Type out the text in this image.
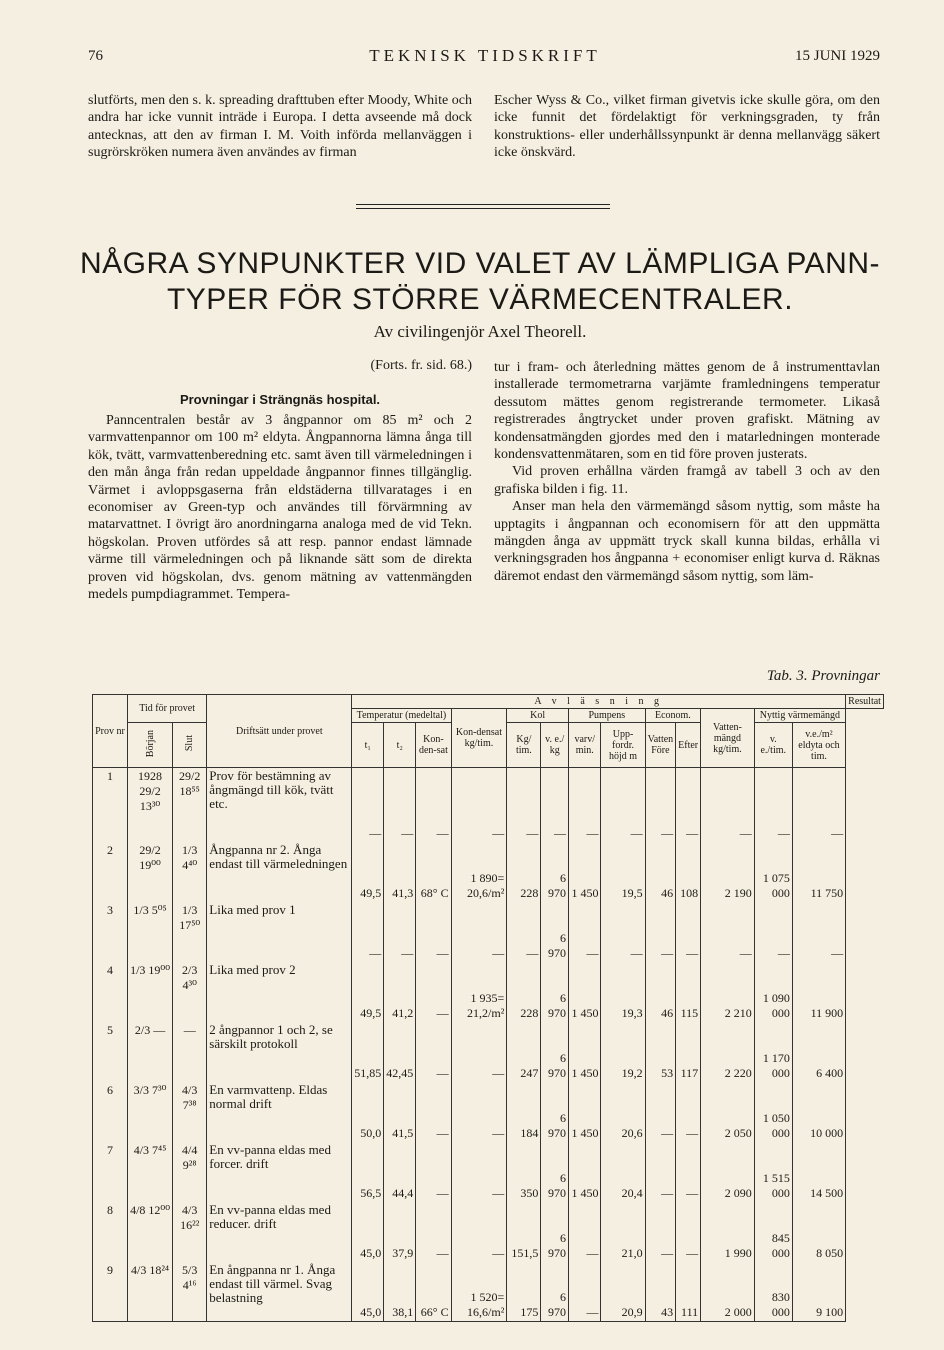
76	TEKNISK TIDSKRIFT	15 JUNI 1929
slutförts, men den s. k. spreading drafttuben efter Moody, White och andra har icke vunnit inträde i Europa. I detta avseende må dock antecknas, att den av firman I. M. Voith införda mellanväggen i sugrörskröken numera även användes av firman
Escher Wyss & Co., vilket firman givetvis icke skulle göra, om den icke funnit det fördelaktigt för verkningsgraden, ty från konstruktions- eller underhållssynpunkt är denna mellanvägg säkert icke önskvärd.
NÅGRA SYNPUNKTER VID VALET AV LÄMPLIGA PANN-
TYPER FÖR STÖRRE VÄRMECENTRALER.
Av civilingenjör Axel Theorell.
(Forts. fr. sid. 68.)
Provningar i Strängnäs hospital.

Panncentralen består av 3 ångpannor om 85 m² och 2 varmvattenpannor om 100 m² eldyta. Ångpannorna lämna ånga till kök, tvätt, varmvattenberedning etc. samt även till värmeledningen i den mån ånga från redan uppeldade ångpannor finnes tillgänglig. Värmet i avloppsgaserna från eldstäderna tillvaratages i en economiser av Green-typ och användes till förvärmning av matarvattnet. I övrigt äro anordningarna analoga med de vid Tekn. högskolan. Proven utfördes så att resp. pannor endast lämnade värme till värmeledningen och på liknande sätt som de direkta proven vid högskolan, dvs. genom mätning av vattenmängden medels pumpdiagrammet. Tempera-

tur i fram- och återledning mättes genom de å instrumenttavlan installerade termometrarna varjämte framledningens temperatur dessutom mättes genom registrerande termometer. Likaså registrerades ångtrycket under proven grafiskt. Mätning av kondensatmängden gjordes med den i matarledningen monterade kondensvattenmätaren, som en tid före proven justerats.

Vid proven erhållna värden framgå av tabell 3 och av den grafiska bilden i fig. 11.

Anser man hela den värmemängd såsom nyttig, som måste ha upptagits i ångpannan och economisern för att den uppmätta mängden ånga av uppmätt tryck skall kunna bildas, erhålla vi verkningsgraden hos ångpanna + economiser enligt kurva d. Räknas däremot endast den värmemängd såsom nyttig, som läm-

Tab. 3. Provningar
Prov nr	Tid för provet		Driftsätt under provet	A v l ä s n i n g													Resultat
				Temperatur (medeltal)			Kon-densat kg/tim.	Kol		Pumpens		Econom.		Vatten-mängd kg/tim.	Nyttig värmemängd		
	Början	Slut		t₁	t₂	Kon-den-sat		Kg/ tim.	v. e./ kg	varv/ min.	Upp-fordr. höjd m	Vatten
Före	Efter		v. e./tim.	v.e./m² eldyta och tim.	
1	1928 29/2 13³⁰	29/2 18⁵⁵	Prov för bestämning av ångmängd till kök, tvätt etc.	—	—	—	—	—	—	—	—	—	—	—	—	—	
2	29/2 19⁰⁰	1/3 4⁴⁰	Ångpanna nr 2. Ånga endast till värmeledningen	49,5	41,3	68° C	1 890= 20,6/m²	228	6 970	1 450	19,5	46	108	2 190	1 075 000	11 750	
3	1/3 5⁰⁵	1/3 17⁵⁰	Lika med prov 1	—	—	—	—	—	6 970	—	—	—	—	—	—	—	
4	1/3 19⁰⁰	2/3 4³⁰	Lika med prov 2	49,5	41,2	—	1 935= 21,2/m²	228	6 970	1 450	19,3	46	115	2 210	1 090 000	11 900	
5	2/3 —	—	2 ångpannor 1 och 2, se särskilt protokoll	51,85	42,45	—	—	247	6 970	1 450	19,2	53	117	2 220	1 170 000	6 400	
6	3/3 7³⁰	4/3 7³⁸	En varmvattenp. Eldas normal drift	50,0	41,5	—	—	184	6 970	1 450	20,6	—	—	2 050	1 050 000	10 000	
7	4/3 7⁴⁵	4/4 9²⁸	En vv-panna eldas med forcer. drift	56,5	44,4	—	—	350	6 970	1 450	20,4	—	—	2 090	1 515 000	14 500	
8	4/8 12⁰⁰	4/3 16²²	En vv-panna eldas med reducer. drift	45,0	37,9	—	—	151,5	6 970	—	21,0	—	—	1 990	845 000	8 050	
9	4/3 18²⁴	5/3 4¹⁶	En ångpanna nr 1. Ånga endast till värmel. Svag belastning	45,0	38,1	66° C	1 520= 16,6/m²	175	6 970	—	20,9	43	111	2 000	830 000	9 100	
